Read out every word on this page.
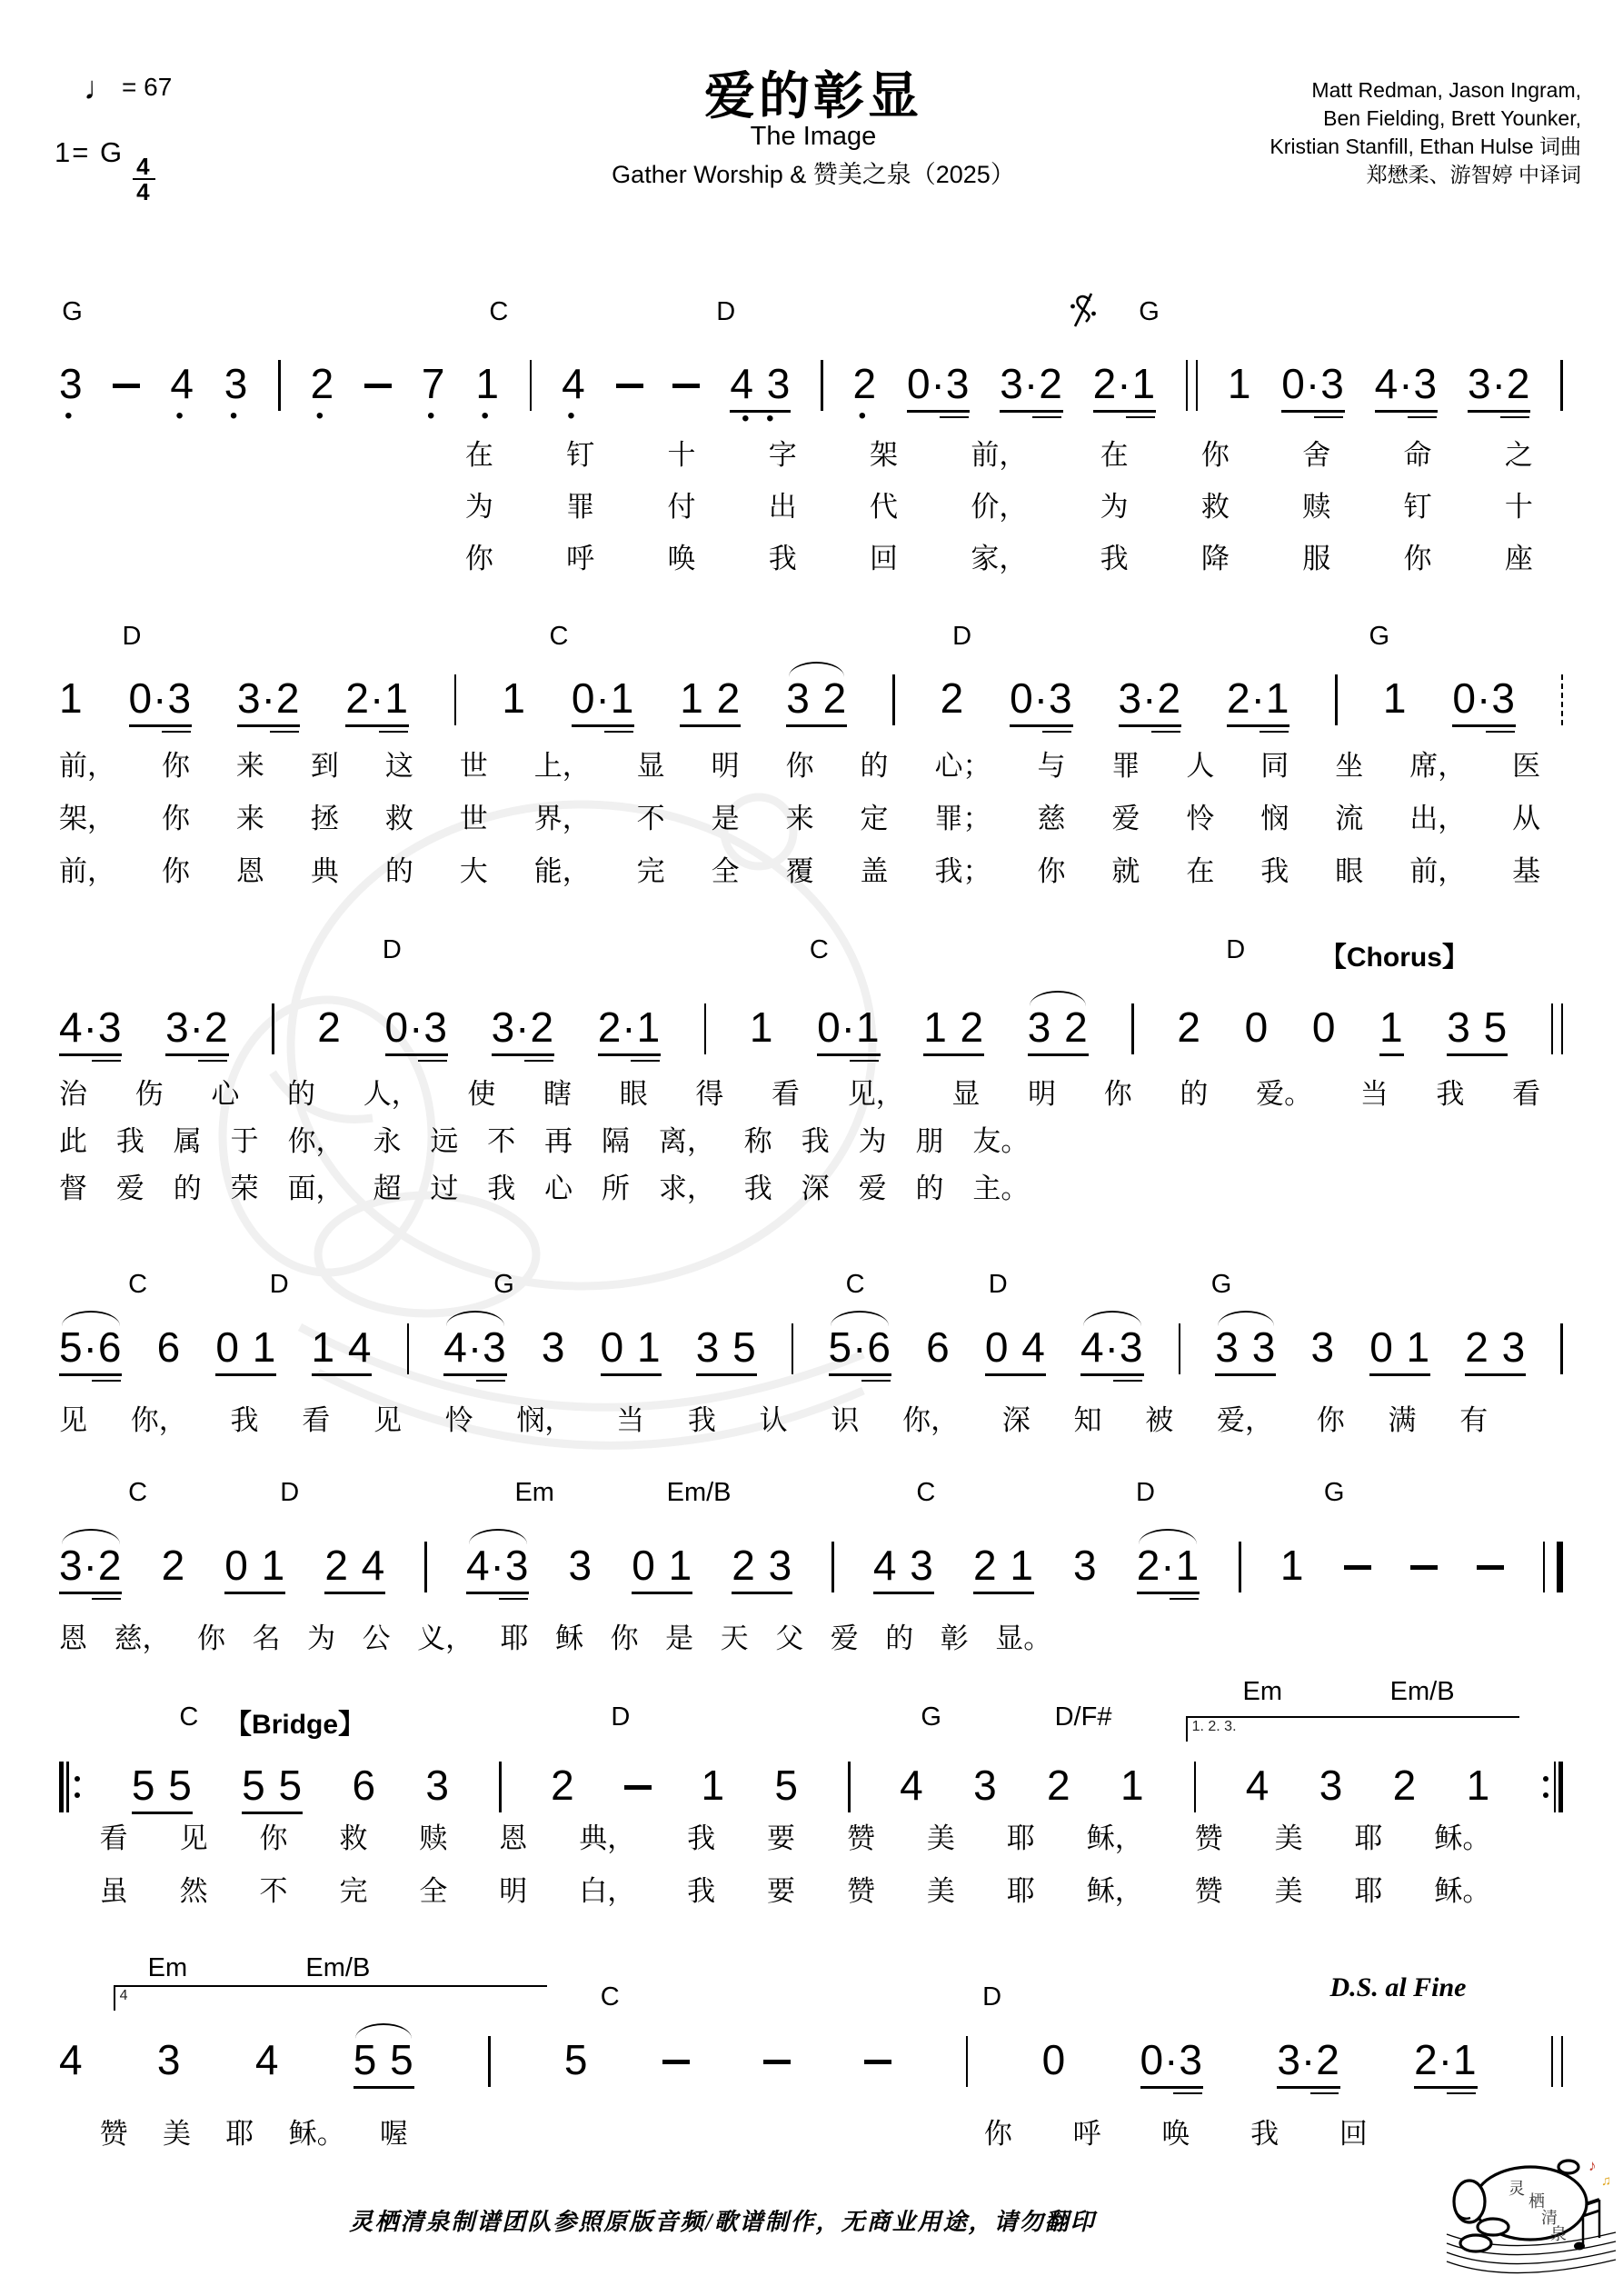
♩ = 67
1= G
$\frac{4}{4}$
爱的彰显
The Image
Gather Worship & 赞美之泉（2025）
Matt Redman, Jason Ingram,
Ben Fielding, Brett Younker,
Kristian Stanfill, Ethan Hulse 词曲
郑懋柔、游智婷 中译词
G	C	D	G
3
•
4
•
3
•
2
•
7
•
1
•
4
•
4 3
• •
2
•
0·3 3·2 2·1 1 0·3 4·3 3·2
在	钉	十	字	架	前，	在	你	舍	命	之
为	罪	付	出	代	价，	为	救	赎	钉	十
你	呼	唤	我	回	家，	我	降	服	你	座
D	C	D	G
1 0·3 3·2 2·1 1 0·1 1 2 3 2 2 0·3 3·2 2·1 1 0·3
前， 你 来 到 这 世 上， 显 明 你 的 心； 与 罪 人 同 坐 席， 医
架， 你 来 拯 救 世 界， 不 是 来 定 罪； 慈 爱 怜 悯 流 出， 从
前， 你 恩 典 的 大 能， 完 全 覆 盖 我； 你 就 在 我 眼 前， 基
D	C	D	【Chorus】
4·3 3·2 2 0·3 3·2 2·1 1 0·1 1 2 3 2 2 0 0 1 3 5
治 伤 心 的 人， 使 瞎 眼 得 看 见， 显 明 你 的 爱。 当 我 看
此 我 属 于 你， 永 远 不 再 隔 离， 称 我 为 朋 友。
督 爱 的 荣 面， 超 过 我 心 所 求， 我 深 爱 的 主。
C	D	G	C	D	G
5·6 6 0 1 1 4 4·3 3 0 1 3 5 5·6 6 0 4 4·3 3 3 3 0 1 2 3
见 你， 我 看 见 怜 悯， 当 我 认 识 你， 深 知 被 爱， 你 满 有
C	D	Em	Em/B	C	D	G
3·2 2 0 1 2 4 4·3 3 0 1 2 3 4 3 2 1 3 2·1 1
恩 慈， 你 名 为 公 义， 耶 稣 你 是 天 父 爱 的 彰 显。
C	D	G	D/F#
Em	Em/B
【Bridge】	1. 2. 3.
5 5 5 5 6 3 2	1 5 4 3 2 1 4 3 2 1
看 见 你 救 赎 恩 典， 我 要 赞 美 耶 稣， 赞 美 耶 稣。
虽 然 不 完 全 明 白， 我 要 赞 美 耶 稣， 赞 美 耶 稣。
C	D
Em	Em/B
4	D.S. al Fine
4 3 4 5 5	5	0 0·3 3·2 2·1
赞 美 耶 稣。 喔	你 呼 唤 我 回
灵栖清泉制谱团队参照原版音频/歌谱制作，无商业用途，请勿翻印
灵
栖
清
泉
♪
♫
